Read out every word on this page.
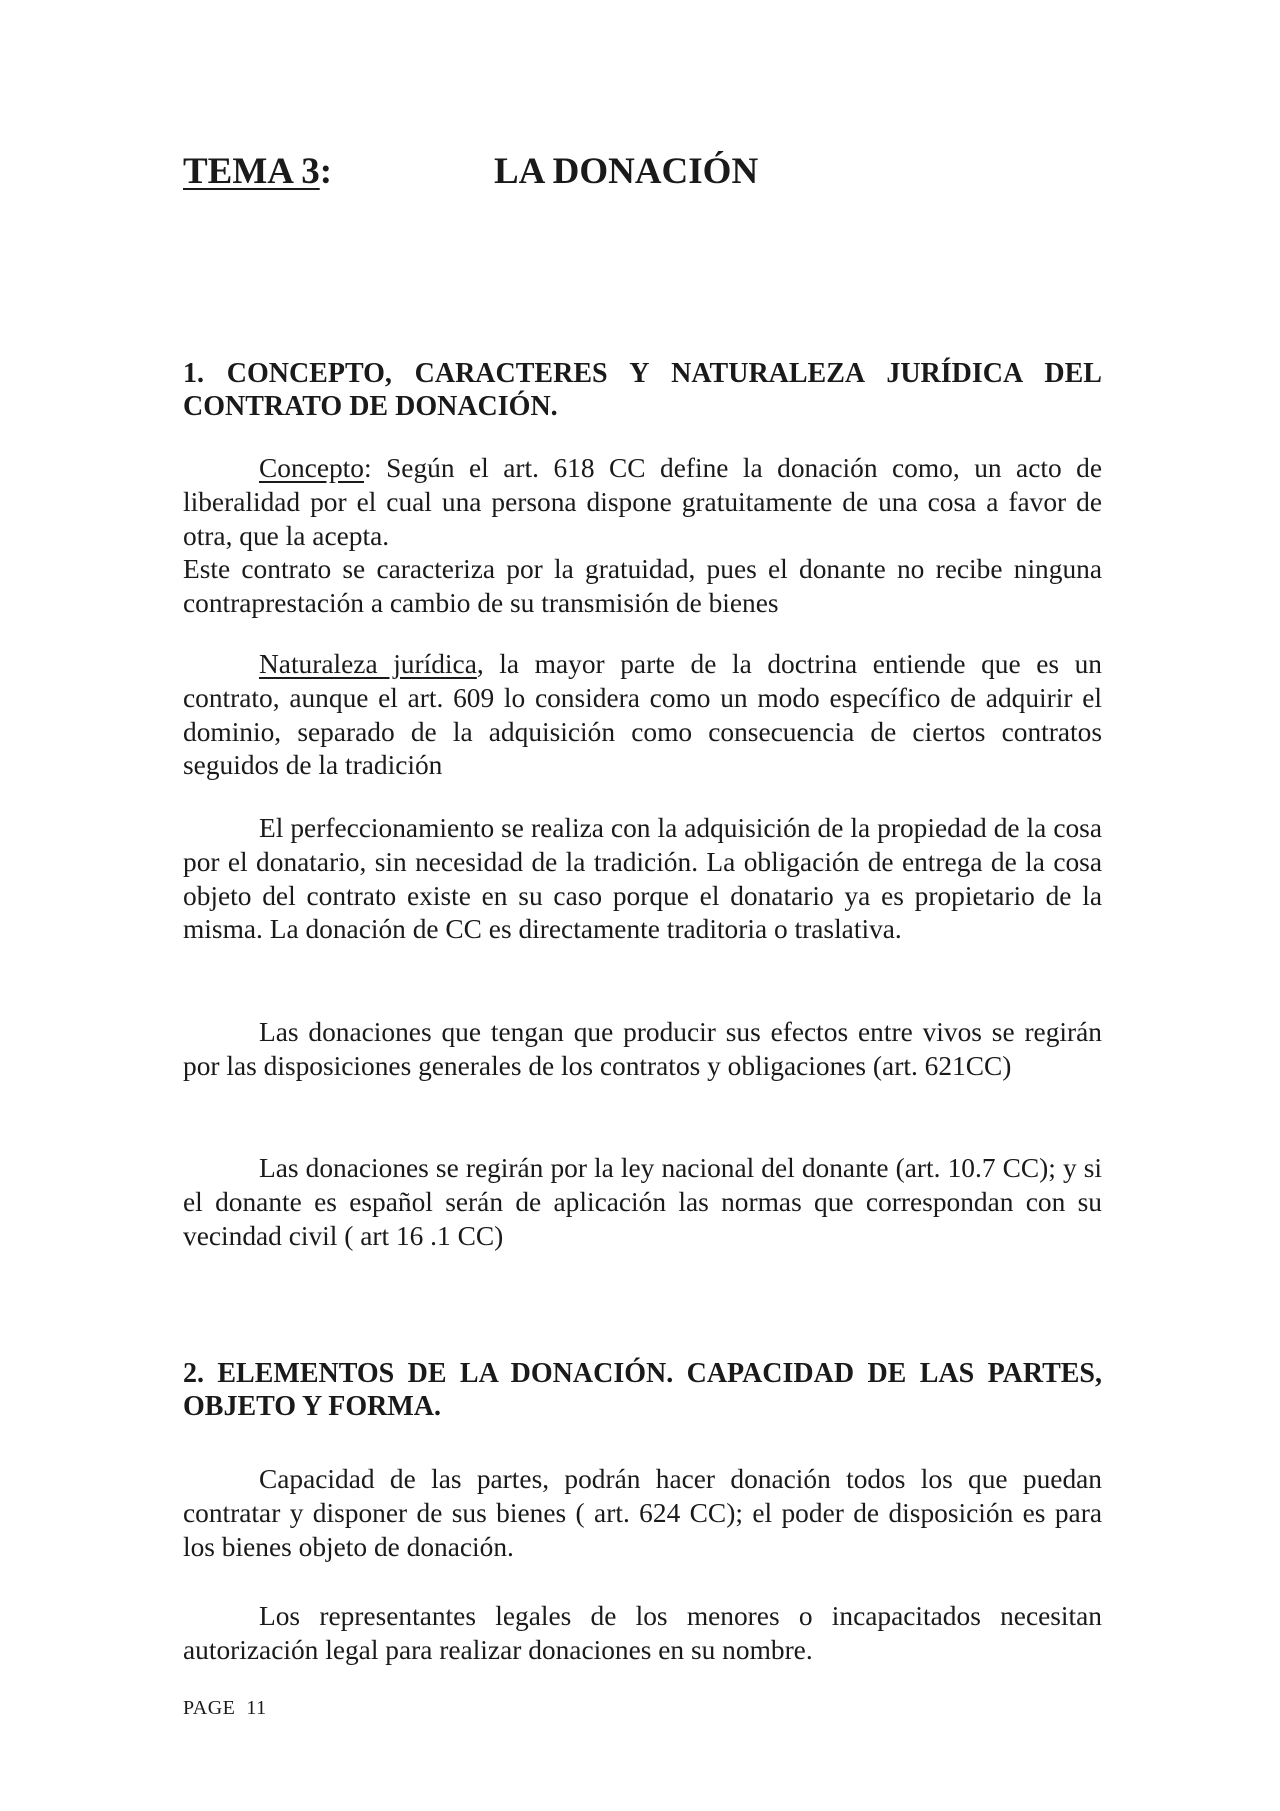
TEMA 3:	LA DONACIÓN
1. CONCEPTO, CARACTERES Y NATURALEZA JURÍDICA DEL CONTRATO DE DONACIÓN.
Concepto: Según el art. 618 CC define la donación como, un acto de liberalidad por el cual una persona dispone gratuitamente de una cosa a favor de otra, que la acepta.
Este contrato se caracteriza por la gratuidad, pues el donante no recibe ninguna contraprestación a cambio de su transmisión de bienes
Naturaleza jurídica, la mayor parte de la doctrina entiende que es un contrato, aunque el art. 609 lo considera como un modo específico de adquirir el dominio, separado de la adquisición como consecuencia de ciertos contratos seguidos de la tradición
El perfeccionamiento se realiza con la adquisición de la propiedad de la cosa por el donatario, sin necesidad de la tradición. La obligación de entrega de la cosa objeto del contrato existe en su caso porque el donatario ya es propietario de la misma. La donación de CC es directamente traditoria o traslativa.
Las donaciones que tengan que producir sus efectos entre vivos se regirán por las disposiciones generales de los contratos y obligaciones (art. 621CC)
Las donaciones se regirán por la ley nacional del donante (art. 10.7 CC); y si el donante es español serán de aplicación las normas que correspondan con su vecindad civil ( art 16 .1 CC)
2. ELEMENTOS DE LA DONACIÓN. CAPACIDAD DE LAS PARTES, OBJETO Y FORMA.
Capacidad de las partes, podrán hacer donación todos los que puedan contratar y disponer de sus bienes ( art. 624 CC); el poder de disposición es para los bienes objeto de donación.
Los representantes legales de los menores o incapacitados necesitan autorización legal para realizar donaciones en su nombre.
PAGE 11
